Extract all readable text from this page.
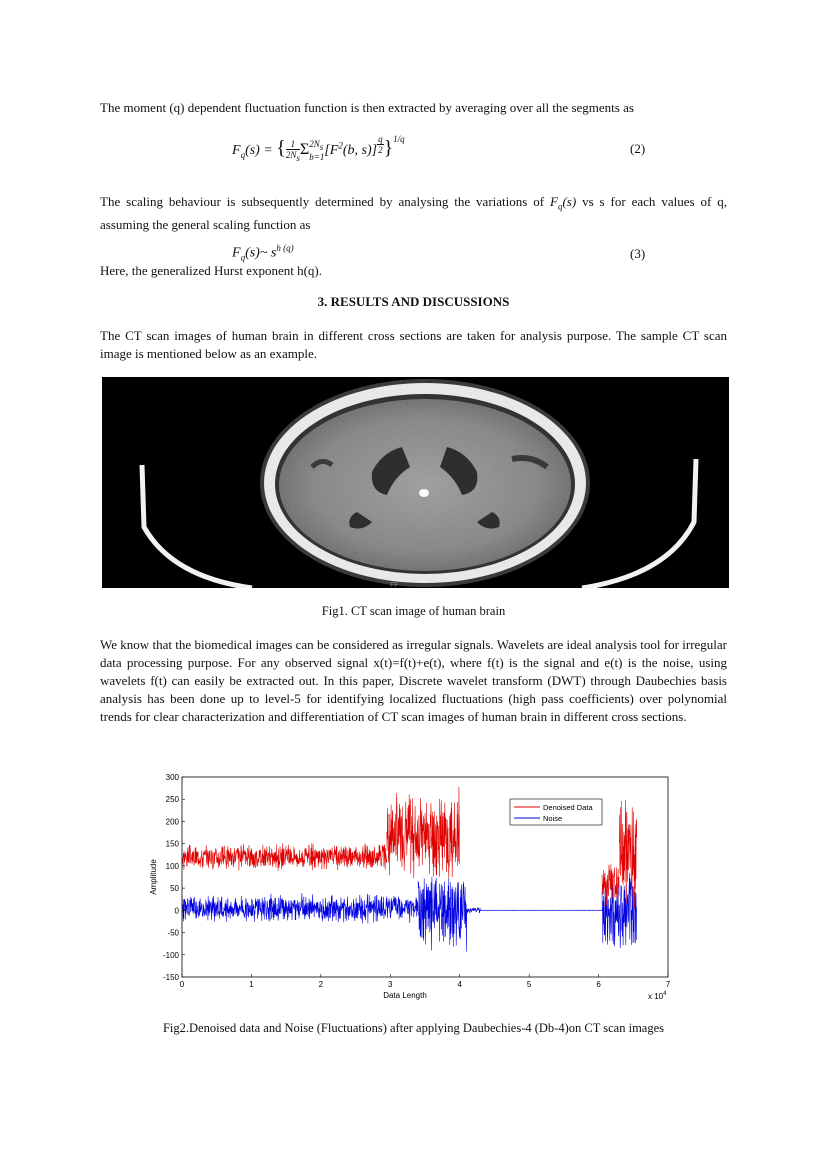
The moment (q) dependent fluctuation function is then extracted by averaging over all the segments as

$F_q(s)$ = { $\frac{1}{2N_s}$ Σ $2N_s$
b=1 [$F^2(b$, $s)] \frac{q}{2} \}^{1/q}$
(2)

The scaling behaviour is subsequently determined by analysing the variations of $F_q(s)$ vs s for each values of q, assuming the general scaling function as

$F_q(s)\sim$ $s^{h (q)}$	(3)

Here, the generalized Hurst exponent h(q).

3. RESULTS AND DISCUSSIONS

The CT scan images of human brain in different cross sections are taken for analysis purpose. The sample CT scan image is mentioned below as an example.

FF
Fig1. CT scan image of human brain

We know that the biomedical images can be considered as irregular signals. Wavelets are ideal analysis tool for irregular data processing purpose. For any observed signal x(t)=f(t)+e(t), where f(t) is the signal and e(t) is the noise, using wavelets f(t) can easily be extracted out. In this paper, Discrete wavelet transform (DWT) through Daubechies basis analysis has been done up to level-5 for identifying localized fluctuations (high pass coefficients) over polynomial trends for clear characterization and differentiation of CT scan images of human brain in different cross sections.

0	1	2	3	4	5	6	7
300
250
200
150
100
50
0
-50
-100
-150
Amplitude
Data Length	x $10^4$
Denoised Data
Noise
Fig2.Denoised data and Noise (Fluctuations) after applying Daubechies-4 (Db-4)on CT scan images
